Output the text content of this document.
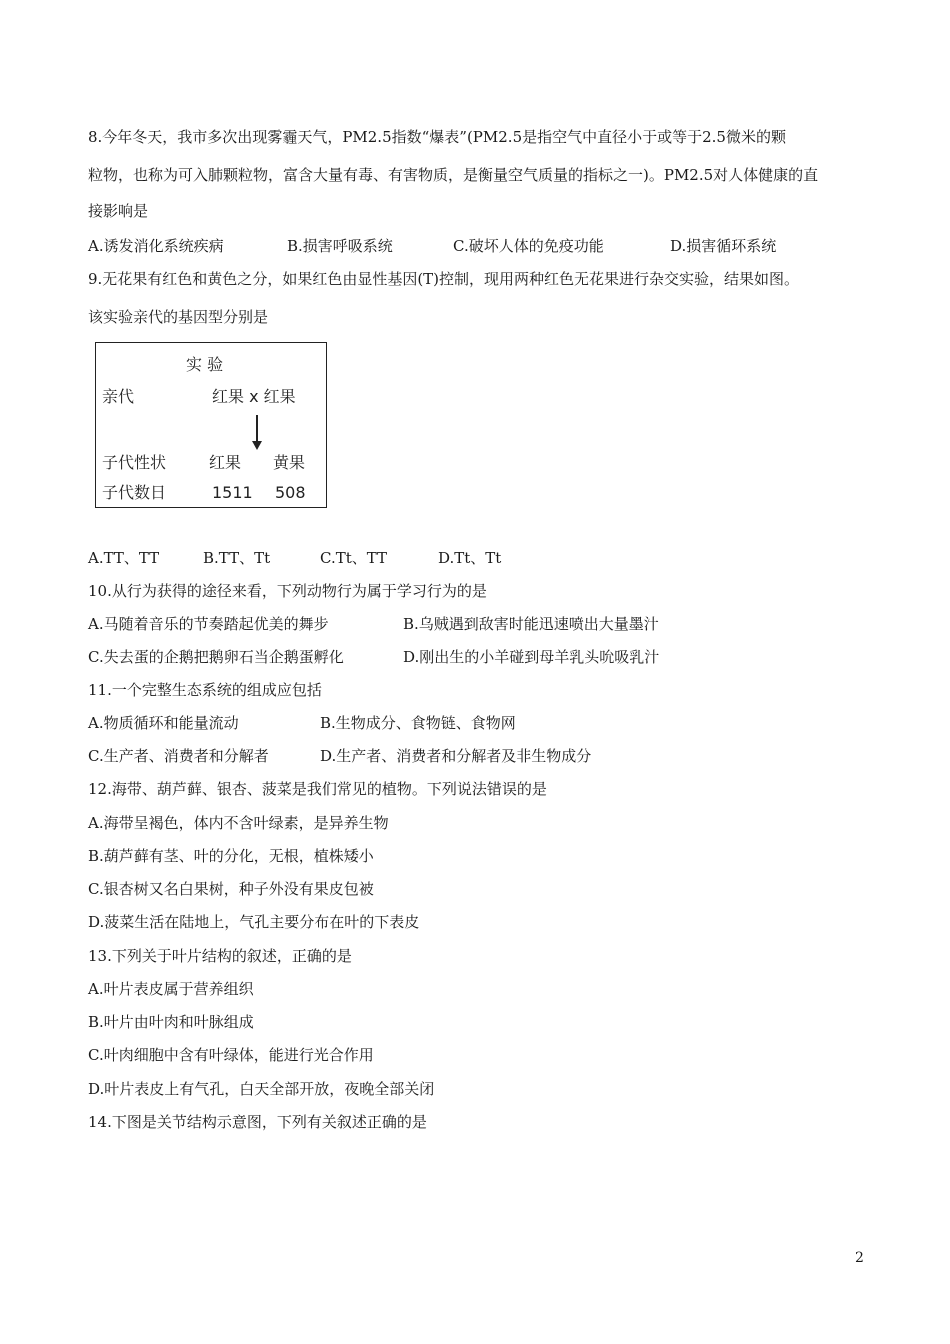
8.今年冬天，我市多次出现雾霾天气，PM2.5指数“爆表”(PM2.5是指空气中直径小于或等于2.5微米的颗
粒物，也称为可入肺颗粒物，富含大量有毒、有害物质，是衡量空气质量的指标之一)。PM2.5对人体健康的直
接影响是
A.诱发消化系统疾病	B.损害呼吸系统	C.破坏人体的免疫功能	D.损害循环系统
9.无花果有红色和黄色之分，如果红色由显性基因(T)控制，现用两种红色无花果进行杂交实验，结果如图。
该实验亲代的基因型分别是
实 验
亲代	红果 x 红果
子代性状	红果 黄果
子代数日	1511 508
A.TT、TT	B.TT、Tt	C.Tt、TT	D.Tt、Tt
10.从行为获得的途径来看，下列动物行为属于学习行为的是
A.马随着音乐的节奏踏起优美的舞步	B.乌贼遇到敌害时能迅速喷出大量墨汁
C.失去蛋的企鹅把鹅卵石当企鹅蛋孵化	D.刚出生的小羊碰到母羊乳头吮吸乳汁
11.一个完整生态系统的组成应包括
A.物质循环和能量流动	B.生物成分、食物链、食物网
C.生产者、消费者和分解者	D.生产者、消费者和分解者及非生物成分
12.海带、葫芦藓、银杏、菠菜是我们常见的植物。下列说法错误的是
A.海带呈褐色，体内不含叶绿素，是异养生物
B.葫芦藓有茎、叶的分化，无根，植株矮小
C.银杏树又名白果树，种子外没有果皮包被
D.菠菜生活在陆地上，气孔主要分布在叶的下表皮
13.下列关于叶片结构的叙述，正确的是
A.叶片表皮属于营养组织
B.叶片由叶肉和叶脉组成
C.叶肉细胞中含有叶绿体，能进行光合作用
D.叶片表皮上有气孔，白天全部开放，夜晚全部关闭
14.下图是关节结构示意图，下列有关叙述正确的是
2
